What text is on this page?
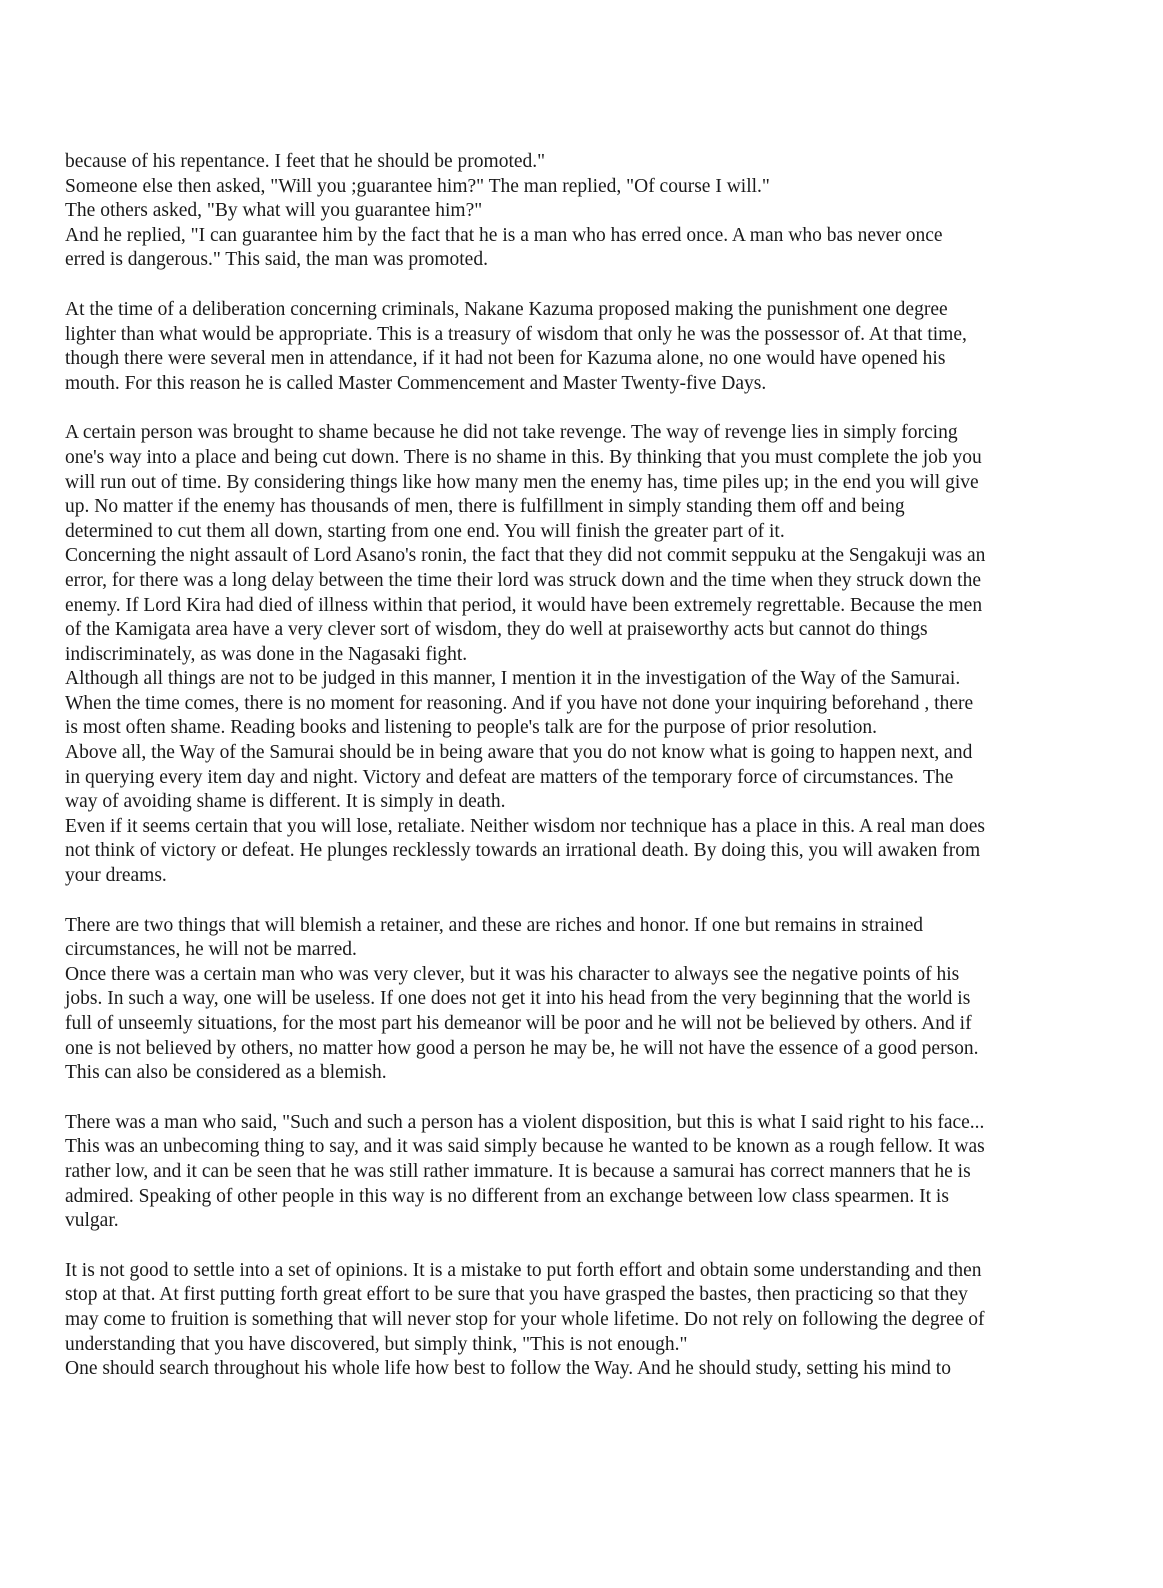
because of his repentance. I feet that he should be promoted."
Someone else then asked, "Will you ;guarantee him?" The man replied, "Of course I will."
The others asked, "By what will you guarantee him?"
And he replied, "I can guarantee him by the fact that he is a man who has erred once. A man who bas never once
erred is dangerous." This said, the man was promoted.
At the time of a deliberation concerning criminals, Nakane Kazuma proposed making the punishment one degree
lighter than what would be appropriate. This is a treasury of wisdom that only he was the possessor of. At that time,
though there were several men in attendance, if it had not been for Kazuma alone, no one would have opened his
mouth. For this reason he is called Master Commencement and Master Twenty-five Days.
A certain person was brought to shame because he did not take revenge. The way of revenge lies in simply forcing
one's way into a place and being cut down. There is no shame in this. By thinking that you must complete the job you
will run out of time. By considering things like how many men the enemy has, time piles up; in the end you will give
up. No matter if the enemy has thousands of men, there is fulfillment in simply standing them off and being
determined to cut them all down, starting from one end. You will finish the greater part of it.
Concerning the night assault of Lord Asano's ronin, the fact that they did not commit seppuku at the Sengakuji was an
error, for there was a long delay between the time their lord was struck down and the time when they struck down the
enemy. If Lord Kira had died of illness within that period, it would have been extremely regrettable. Because the men
of the Kamigata area have a very clever sort of wisdom, they do well at praiseworthy acts but cannot do things
indiscriminately, as was done in the Nagasaki fight.
Although all things are not to be judged in this manner, I mention it in the investigation of the Way of the Samurai.
When the time comes, there is no moment for reasoning. And if you have not done your inquiring beforehand , there
is most often shame. Reading books and listening to people's talk are for the purpose of prior resolution.
Above all, the Way of the Samurai should be in being aware that you do not know what is going to happen next, and
in querying every item day and night. Victory and defeat are matters of the temporary force of circumstances. The
way of avoiding shame is different. It is simply in death.
Even if it seems certain that you will lose, retaliate. Neither wisdom nor technique has a place in this. A real man does
not think of victory or defeat. He plunges recklessly towards an irrational death. By doing this, you will awaken from
your dreams.
There are two things that will blemish a retainer, and these are riches and honor. If one but remains in strained
circumstances, he will not be marred.
Once there was a certain man who was very clever, but it was his character to always see the negative points of his
jobs. In such a way, one will be useless. If one does not get it into his head from the very beginning that the world is
full of unseemly situations, for the most part his demeanor will be poor and he will not be believed by others. And if
one is not believed by others, no matter how good a person he may be, he will not have the essence of a good person.
This can also be considered as a blemish.
There was a man who said, "Such and such a person has a violent disposition, but this is what I said right to his face...
This was an unbecoming thing to say, and it was said simply because he wanted to be known as a rough fellow. It was
rather low, and it can be seen that he was still rather immature. It is because a samurai has correct manners that he is
admired. Speaking of other people in this way is no different from an exchange between low class spearmen. It is
vulgar.
It is not good to settle into a set of opinions. It is a mistake to put forth effort and obtain some understanding and then
stop at that. At first putting forth great effort to be sure that you have grasped the bastes, then practicing so that they
may come to fruition is something that will never stop for your whole lifetime. Do not rely on following the degree of
understanding that you have discovered, but simply think, "This is not enough."
One should search throughout his whole life how best to follow the Way. And he should study, setting his mind to
